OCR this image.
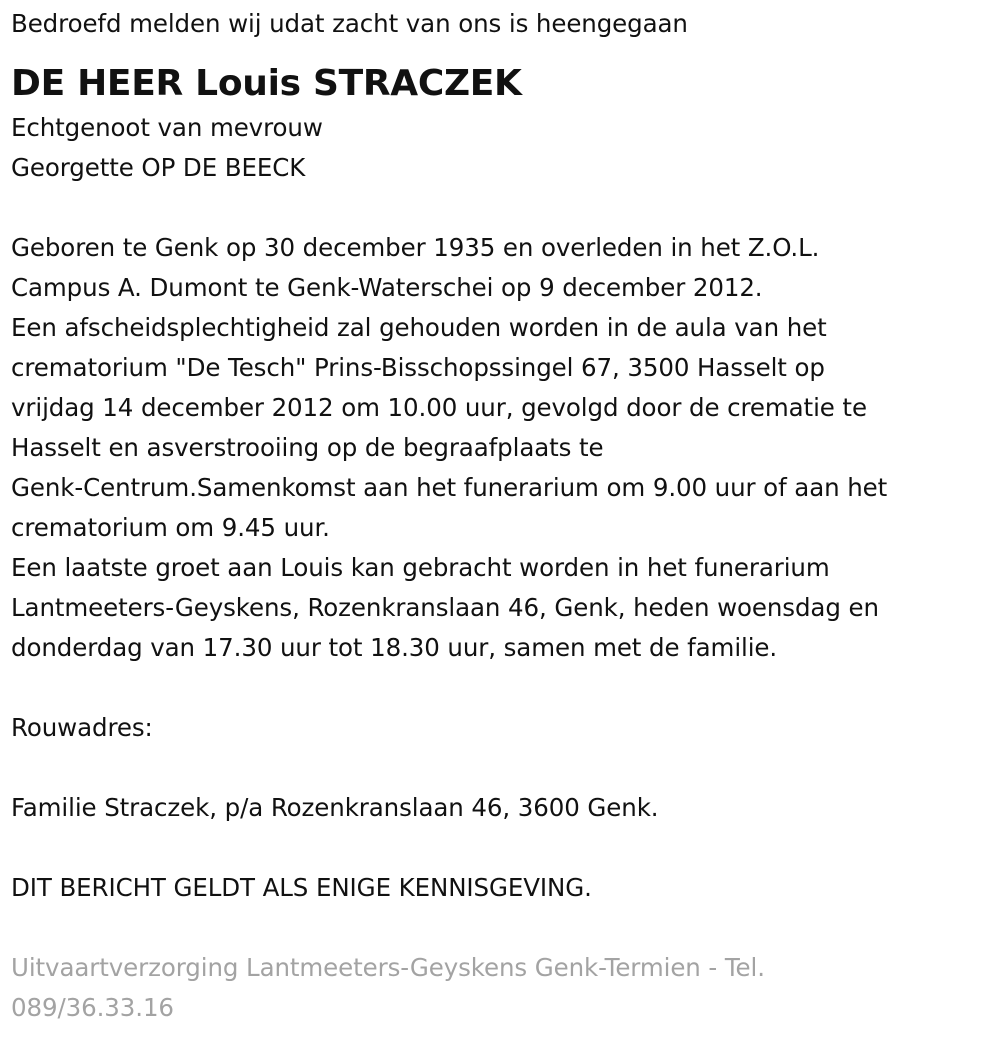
Bedroefd melden wij udat zacht van ons is heengegaan

DE HEER Louis STRACZEK

Echtgenoot van mevrouw

Georgette OP DE BEECK

Geboren te Genk op 30 december 1935 en overleden in het Z.O.L.

Campus A. Dumont te Genk-Waterschei op 9 december 2012.

Een afscheidsplechtigheid zal gehouden worden in de aula van het

crematorium "De Tesch" Prins-Bisschopssingel 67, 3500 Hasselt op

vrijdag 14 december 2012 om 10.00 uur, gevolgd door de crematie te

Hasselt en asverstrooiing op de begraafplaats te

Genk-Centrum.Samenkomst aan het funerarium om 9.00 uur of aan het

crematorium om 9.45 uur.

Een laatste groet aan Louis kan gebracht worden in het funerarium

Lantmeeters-Geyskens, Rozenkranslaan 46, Genk, heden woensdag en

donderdag van 17.30 uur tot 18.30 uur, samen met de familie.

Rouwadres:

Familie Straczek, p/a Rozenkranslaan 46, 3600 Genk.

DIT BERICHT GELDT ALS ENIGE KENNISGEVING.

Uitvaartverzorging Lantmeeters-Geyskens Genk-Termien - Tel.

089/36.33.16
